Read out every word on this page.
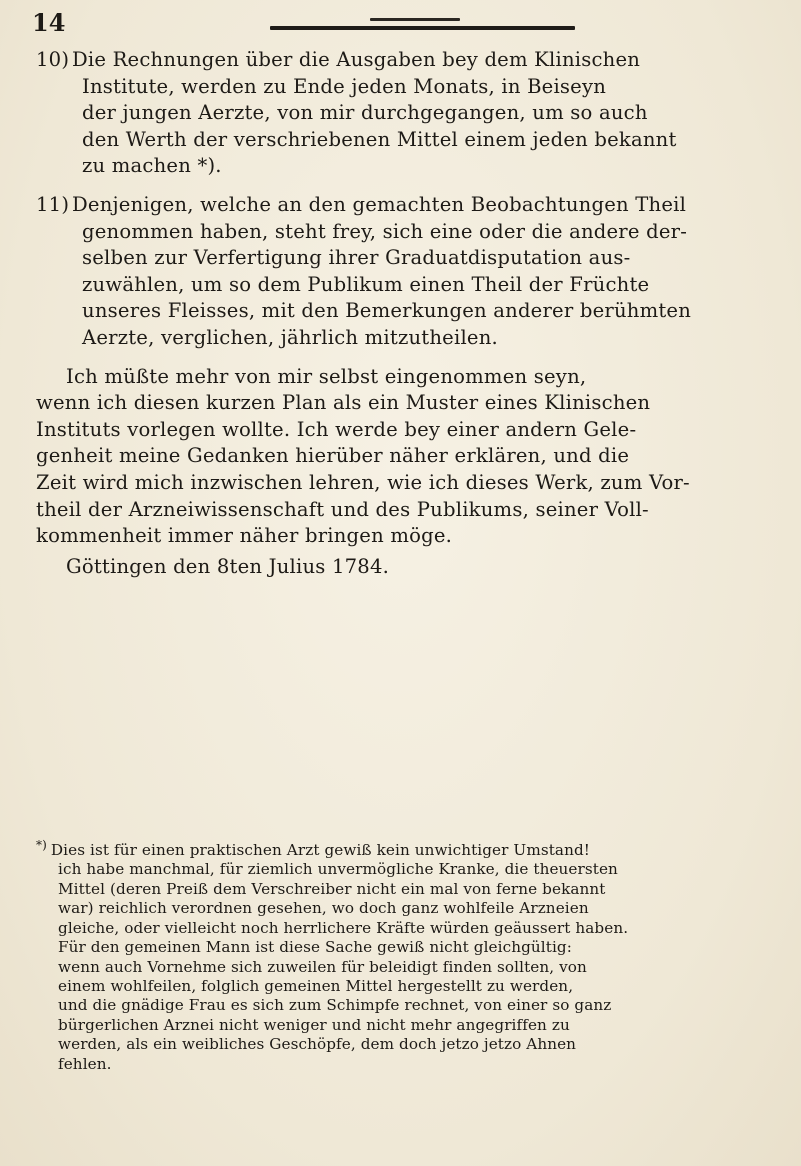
14
10) Die Rechnungen über die Ausgaben bey dem Klinischen
Institute, werden zu Ende jeden Monats, in Beiseyn
der jungen Aerzte, von mir durchgegangen, um so auch
den Werth der verschriebenen Mittel einem jeden bekannt
zu machen *).
11) Denjenigen, welche an den gemachten Beobachtungen Theil
genommen haben, steht frey, sich eine oder die andere der-
selben zur Verfertigung ihrer Graduatdisputation aus-
zuwählen, um so dem Publikum einen Theil der Früchte
unseres Fleisses, mit den Bemerkungen anderer berühmten
Aerzte, verglichen, jährlich mitzutheilen.
Ich müßte mehr von mir selbst eingenommen seyn,
wenn ich diesen kurzen Plan als ein Muster eines Klinischen
Instituts vorlegen wollte. Ich werde bey einer andern Gele-
genheit meine Gedanken hierüber näher erklären, und die
Zeit wird mich inzwischen lehren, wie ich dieses Werk, zum Vor-
theil der Arzneiwissenschaft und des Publikums, seiner Voll-
kommenheit immer näher bringen möge.
Göttingen den 8ten Julius 1784.
*) Dies ist für einen praktischen Arzt gewiß kein unwichtiger Umstand!
ich habe manchmal, für ziemlich unvermögliche Kranke, die theuersten
Mittel (deren Preiß dem Verschreiber nicht ein mal von ferne bekannt
war) reichlich verordnen gesehen, wo doch ganz wohlfeile Arzneien
gleiche, oder vielleicht noch herrlichere Kräfte würden geäussert haben.
Für den gemeinen Mann ist diese Sache gewiß nicht gleichgültig:
wenn auch Vornehme sich zuweilen für beleidigt finden sollten, von
einem wohlfeilen, folglich gemeinen Mittel hergestellt zu werden,
und die gnädige Frau es sich zum Schimpfe rechnet, von einer so ganz
bürgerlichen Arznei nicht weniger und nicht mehr angegriffen zu
werden, als ein weibliches Geschöpfe, dem doch jetzo jetzo Ahnen
fehlen.
